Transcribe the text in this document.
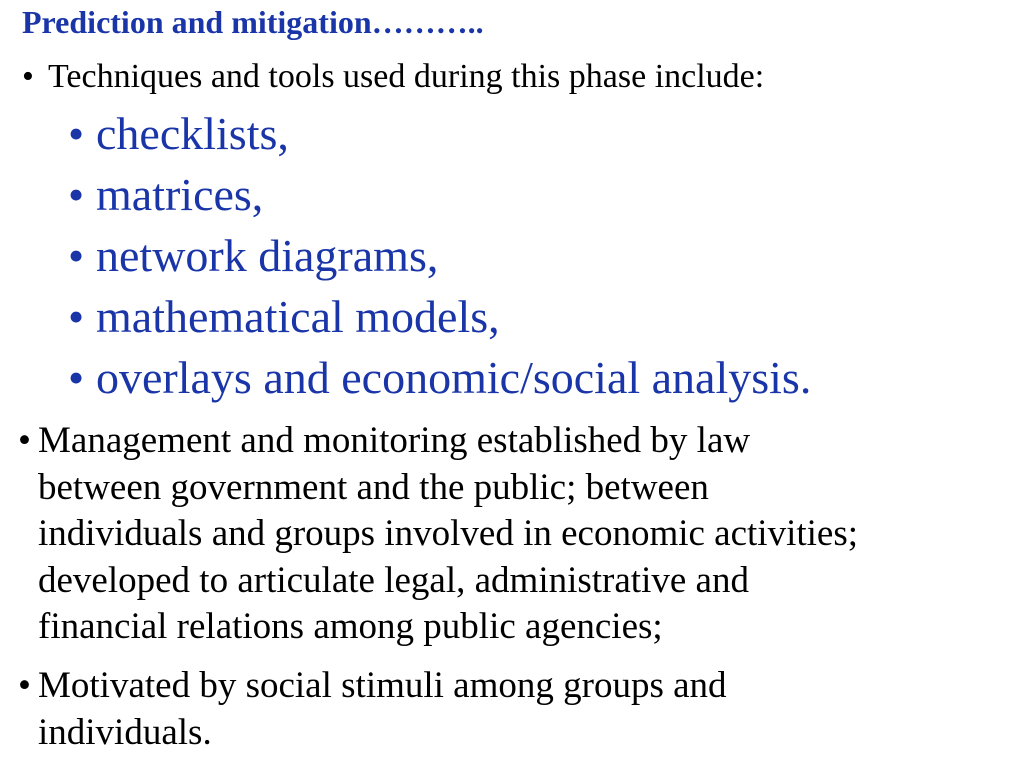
Prediction and mitigation………..
• Techniques and tools used during this phase include:
• checklists,
• matrices,
• network diagrams,
• mathematical models,
• overlays and economic/social analysis.
• Management and monitoring established by law
between government and the public; between
individuals and groups involved in economic activities;
developed to articulate legal, administrative and
financial relations among public agencies;
• Motivated by social stimuli among groups and
individuals.
